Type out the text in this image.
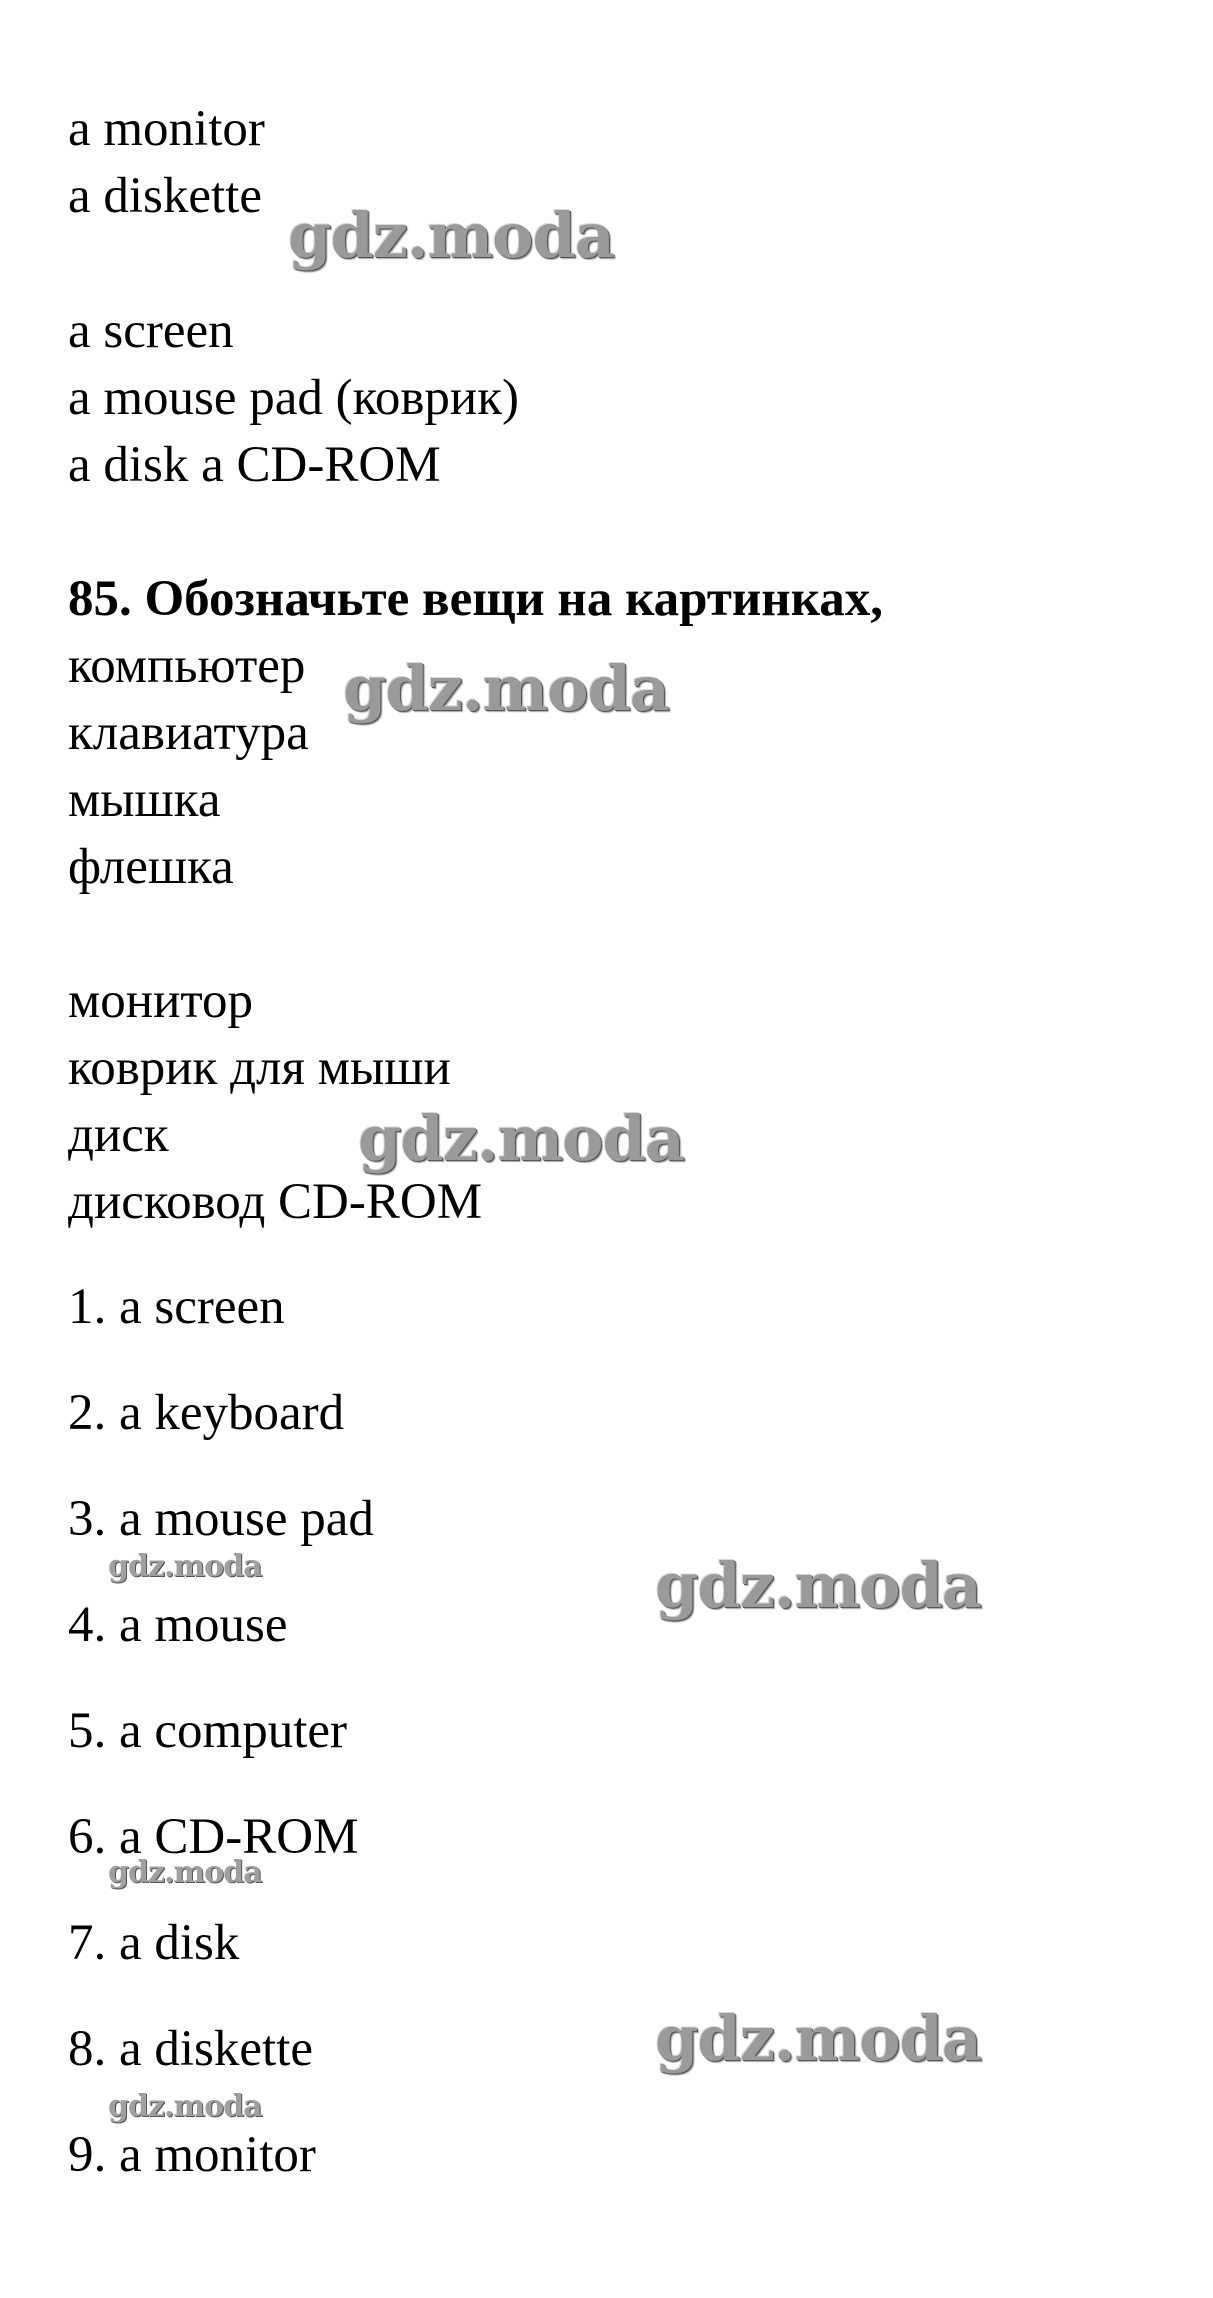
a monitor
a diskette
a screen
a mouse pad (коврик)
a disk a CD-ROM
85. Обозначьте вещи на картинках,
компьютер
клавиатура
мышка
флешка
монитор
коврик для мыши
диск
дисковод CD-ROM
1. a screen
2. a keyboard
3. a mouse pad
4. a mouse
5. a computer
6. a CD-ROM
7. a disk
8. a diskette
9. a monitor
gdz.moda
gdz.moda
gdz.moda
gdz.moda
gdz.moda
gdz.moda
gdz.moda
gdz.moda
